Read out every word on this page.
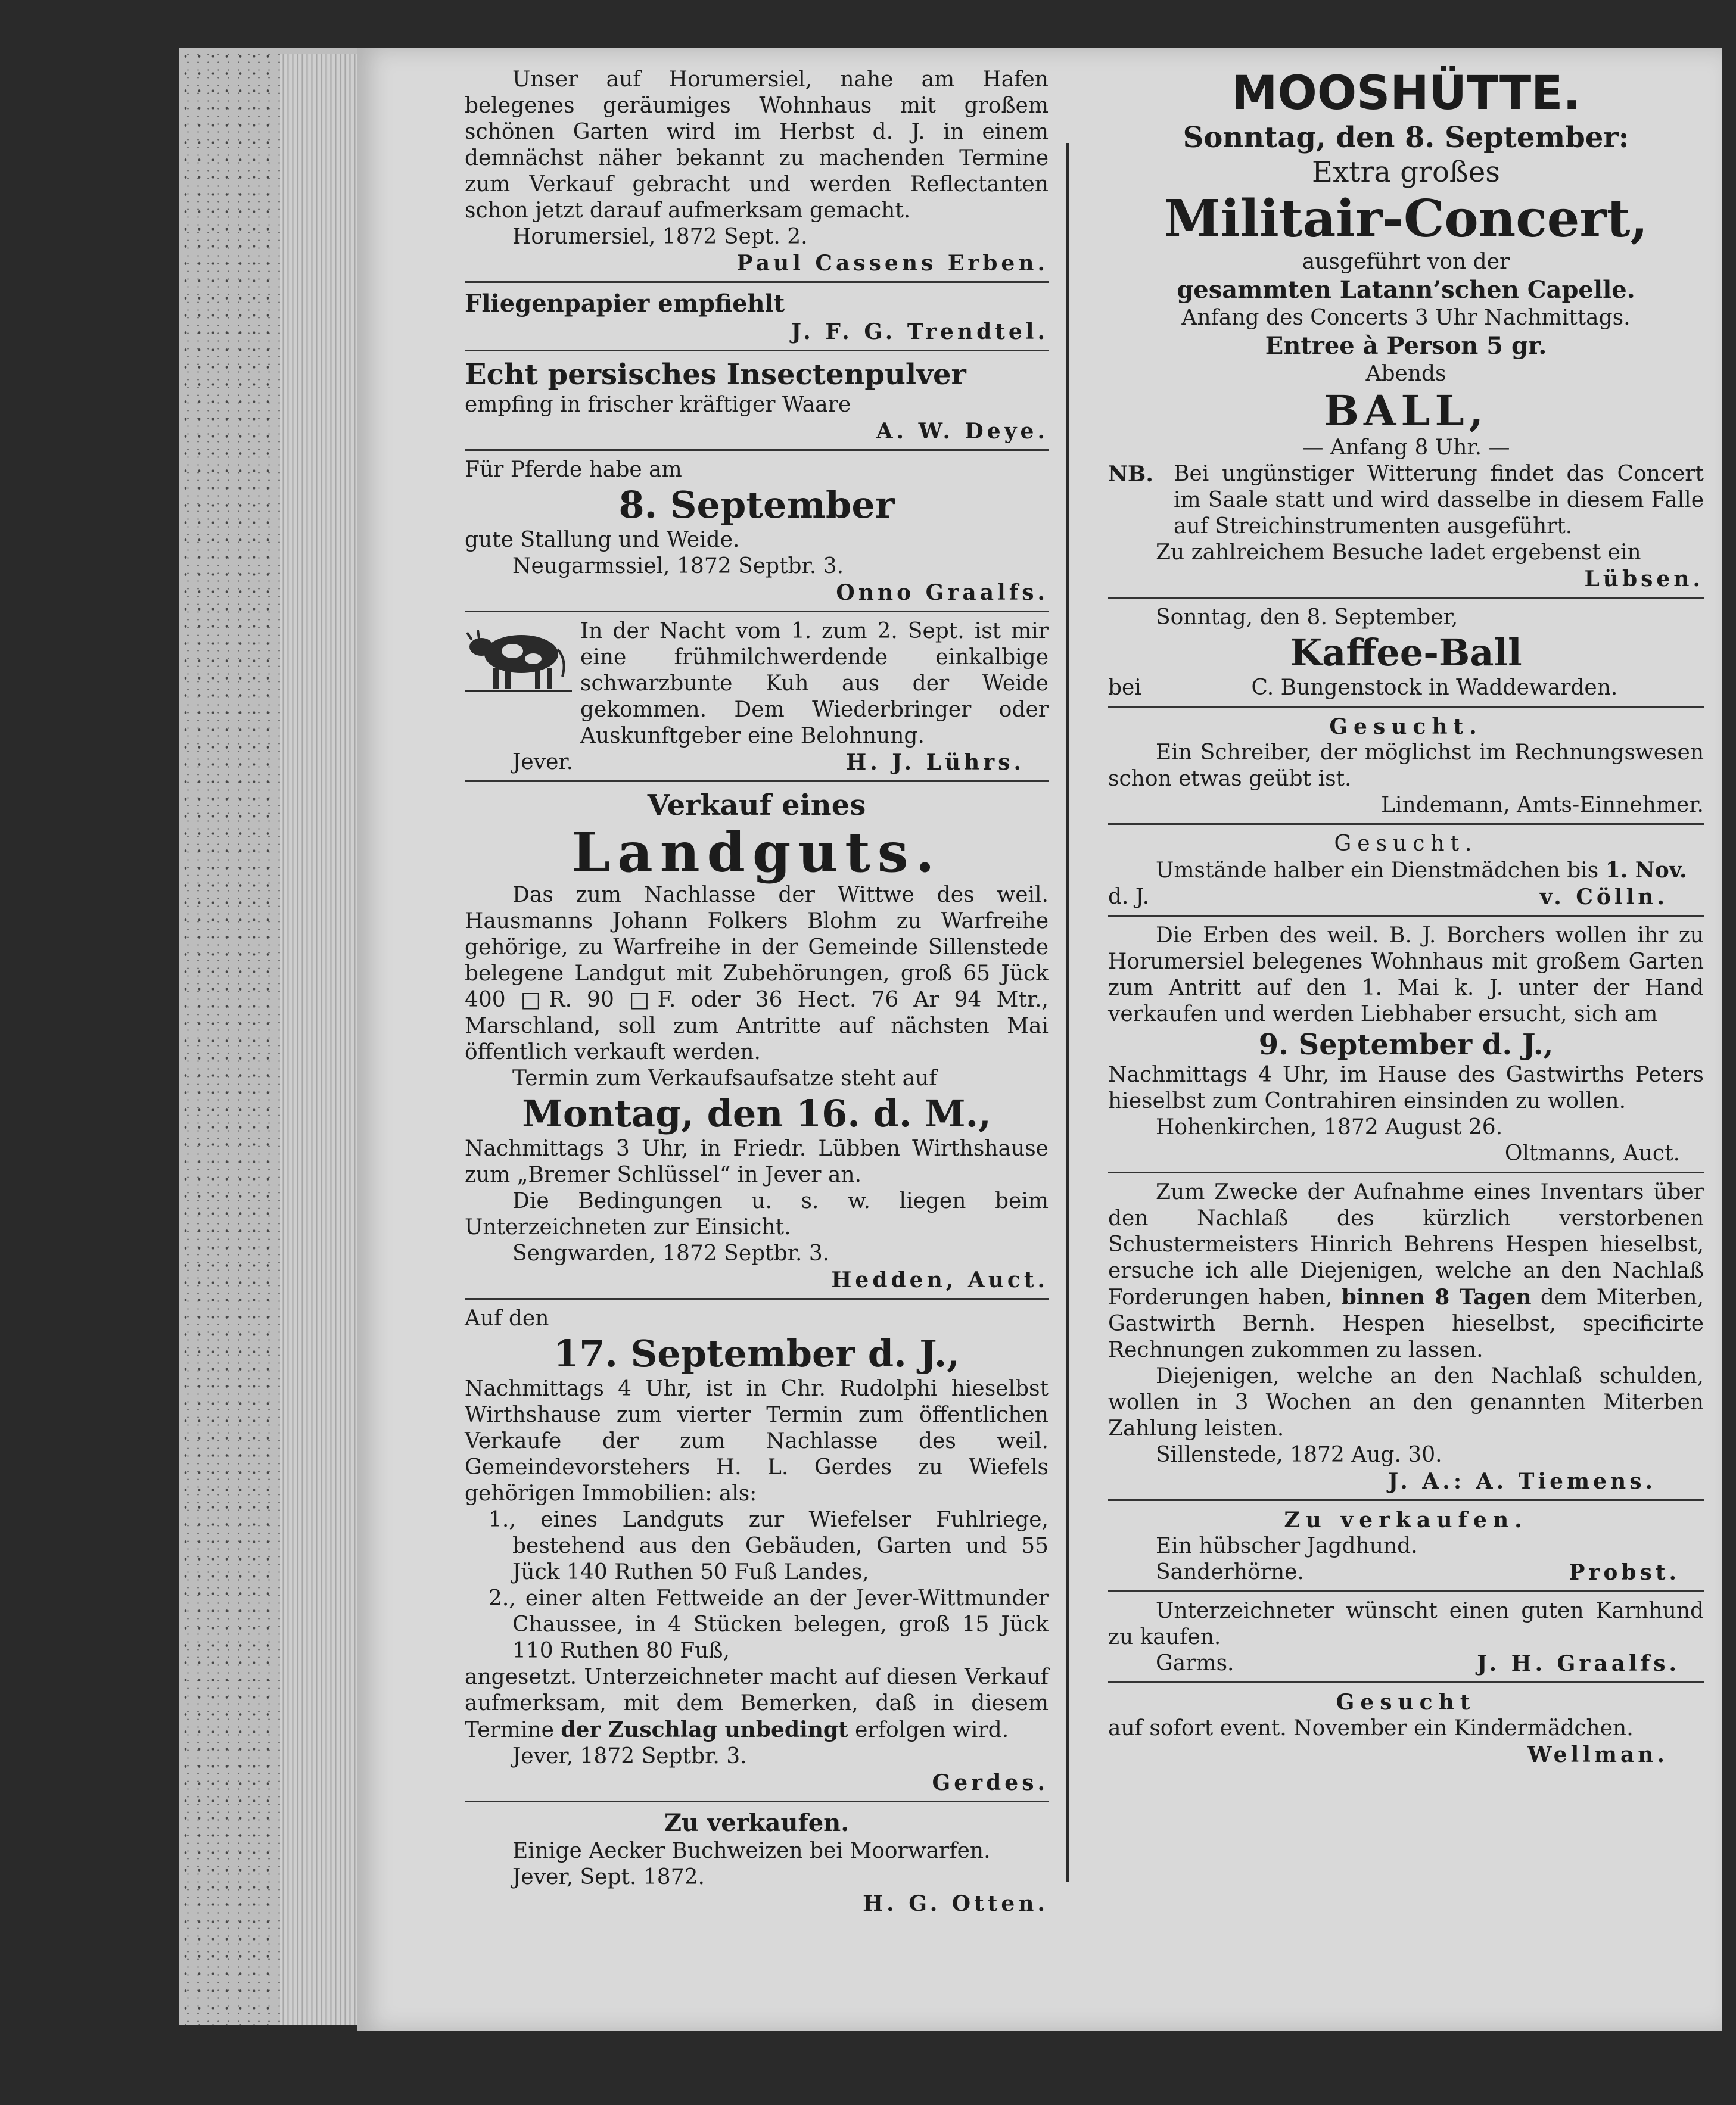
Unser auf Horumersiel, nahe am Hafen belegenes geräumiges Wohnhaus mit großem schönen Garten wird im Herbst d. J. in einem demnächst näher bekannt zu machenden Termine zum Verkauf gebracht und werden Reflectanten schon jetzt darauf aufmerksam gemacht.

Horumersiel, 1872 Sept. 2.

Paul Cassens Erben.

Fliegenpapier empfiehlt

J. F. G. Trendtel.

Echt persisches Insectenpulver

empfing in frischer kräftiger Waare

A. W. Deye.

Für Pferde habe am

8. September

gute Stallung und Weide.

Neugarmssiel, 1872 Septbr. 3.

Onno Graalfs.

In der Nacht vom 1. zum 2. Sept. ist mir eine frühmilchwerdende einkalbige schwarzbunte Kuh aus der Weide gekommen. Dem Wiederbringer oder Auskunftgeber eine Belohnung.

Jever.	H. J. Lührs.

Verkauf eines

Landguts.

Das zum Nachlasse der Wittwe des weil. Hausmanns Johann Folkers Blohm zu Warfreihe gehörige, zu Warfreihe in der Gemeinde Sillenstede belegene Landgut mit Zubehörungen, groß 65 Jück 400 □R. 90 □F. oder 36 Hect. 76 Ar 94 Mtr., Marschland, soll zum Antritte auf nächsten Mai öffentlich verkauft werden.

Termin zum Verkaufsaufsatze steht auf

Montag, den 16. d. M.,

Nachmittags 3 Uhr, in Friedr. Lübben Wirthshause zum „Bremer Schlüssel“ in Jever an.

Die Bedingungen u. s. w. liegen beim Unterzeichneten zur Einsicht.

Sengwarden, 1872 Septbr. 3.

Hedden, Auct.

Auf den

17. September d. J.,

Nachmittags 4 Uhr, ist in Chr. Rudolphi hieselbst Wirthshause zum vierter Termin zum öffentlichen Verkaufe der zum Nachlasse des weil. Gemeindevorstehers H. L. Gerdes zu Wiefels gehörigen Immobilien: als:

1., eines Landguts zur Wiefelser Fuhlriege, bestehend aus den Gebäuden, Garten und 55 Jück 140 Ruthen 50 Fuß Landes,

2., einer alten Fettweide an der Jever-Wittmunder Chaussee, in 4 Stücken belegen, groß 15 Jück 110 Ruthen 80 Fuß,

angesetzt. Unterzeichneter macht auf diesen Verkauf aufmerksam, mit dem Bemerken, daß in diesem Termine der Zuschlag unbedingt erfolgen wird.

Jever, 1872 Septbr. 3.

Gerdes.

Zu verkaufen.

Einige Aecker Buchweizen bei Moorwarfen.

Jever, Sept. 1872.

H. G. Otten.

MOOSHÜTTE.

Sonntag, den 8. September:

Extra großes

Militair-Concert,

ausgeführt von der

gesammten Latann’schen Capelle.

Anfang des Concerts 3 Uhr Nachmittags.

Entree à Person 5 gr.

Abends

BALL,

— Anfang 8 Uhr. —

NB. Bei ungünstiger Witterung findet das Concert im Saale statt und wird dasselbe in diesem Falle auf Streichinstrumenten ausgeführt.

Zu zahlreichem Besuche ladet ergebenst ein

Lübsen.

Sonntag, den 8. September,

Kaffee-Ball

bei	C. Bungenstock in Waddewarden.

Gesucht.

Ein Schreiber, der möglichst im Rechnungswesen schon etwas geübt ist.

Lindemann, Amts-Einnehmer.

Gesucht.

Umstände halber ein Dienstmädchen bis 1. Nov.

d. J.	v. Cölln.

Die Erben des weil. B. J. Borchers wollen ihr zu Horumersiel belegenes Wohnhaus mit großem Garten zum Antritt auf den 1. Mai k. J. unter der Hand verkaufen und werden Liebhaber ersucht, sich am

9. September d. J.,

Nachmittags 4 Uhr, im Hause des Gastwirths Peters hieselbst zum Contrahiren einsinden zu wollen.

Hohenkirchen, 1872 August 26.

Oltmanns, Auct.

Zum Zwecke der Aufnahme eines Inventars über den Nachlaß des kürzlich verstorbenen Schustermeisters Hinrich Behrens Hespen hieselbst, ersuche ich alle Diejenigen, welche an den Nachlaß Forderungen haben, binnen 8 Tagen dem Miterben, Gastwirth Bernh. Hespen hieselbst, specificirte Rechnungen zukommen zu lassen.

Diejenigen, welche an den Nachlaß schulden, wollen in 3 Wochen an den genannten Miterben Zahlung leisten.

Sillenstede, 1872 Aug. 30.

J. A.: A. Tiemens.

Zu verkaufen.

Ein hübscher Jagdhund.

Sanderhörne.	Probst.

Unterzeichneter wünscht einen guten Karnhund zu kaufen.

Garms.	J. H. Graalfs.

Gesucht

auf sofort event. November ein Kindermädchen.

Wellman.
